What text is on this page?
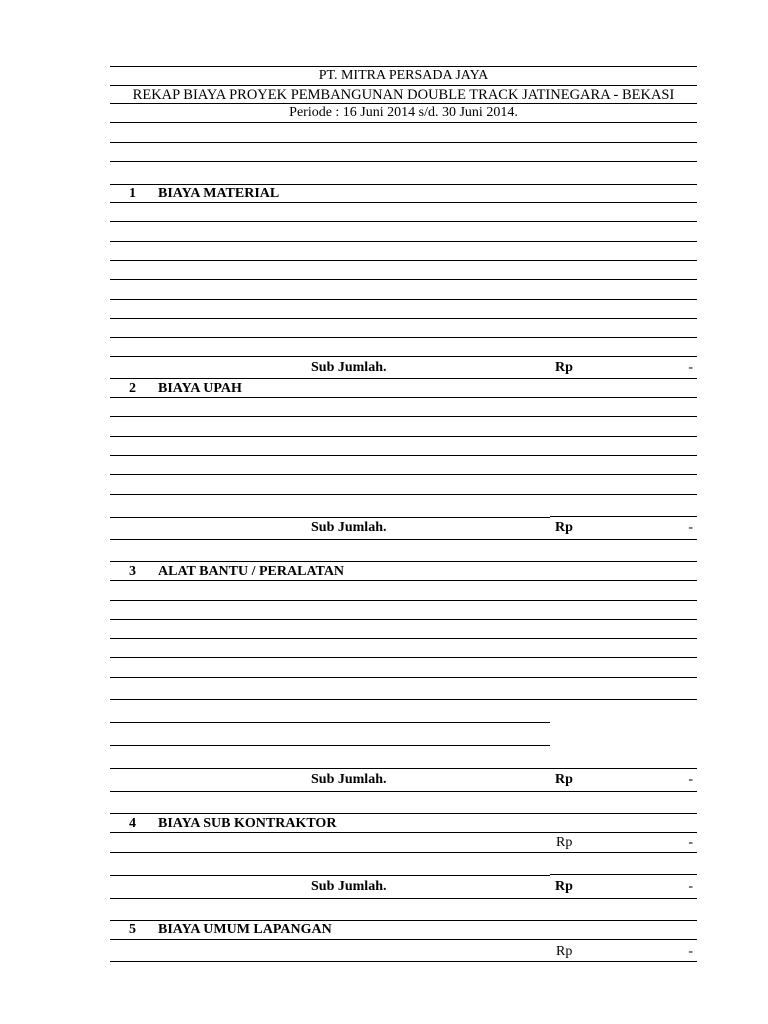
PT. MITRA PERSADA JAYA
REKAP BIAYA PROYEK PEMBANGUNAN DOUBLE TRACK JATINEGARA - BEKASI
Periode : 16 Juni 2014 s/d. 30 Juni 2014.
1 BIAYA MATERIAL
Sub Jumlah.	Rp	-
2 BIAYA UPAH
Sub Jumlah.	Rp	-
3 ALAT BANTU / PERALATAN
Sub Jumlah.	Rp	-
4 BIAYA SUB KONTRAKTOR
Rp	-
Sub Jumlah.	Rp	-
5 BIAYA UMUM LAPANGAN
Rp	-
